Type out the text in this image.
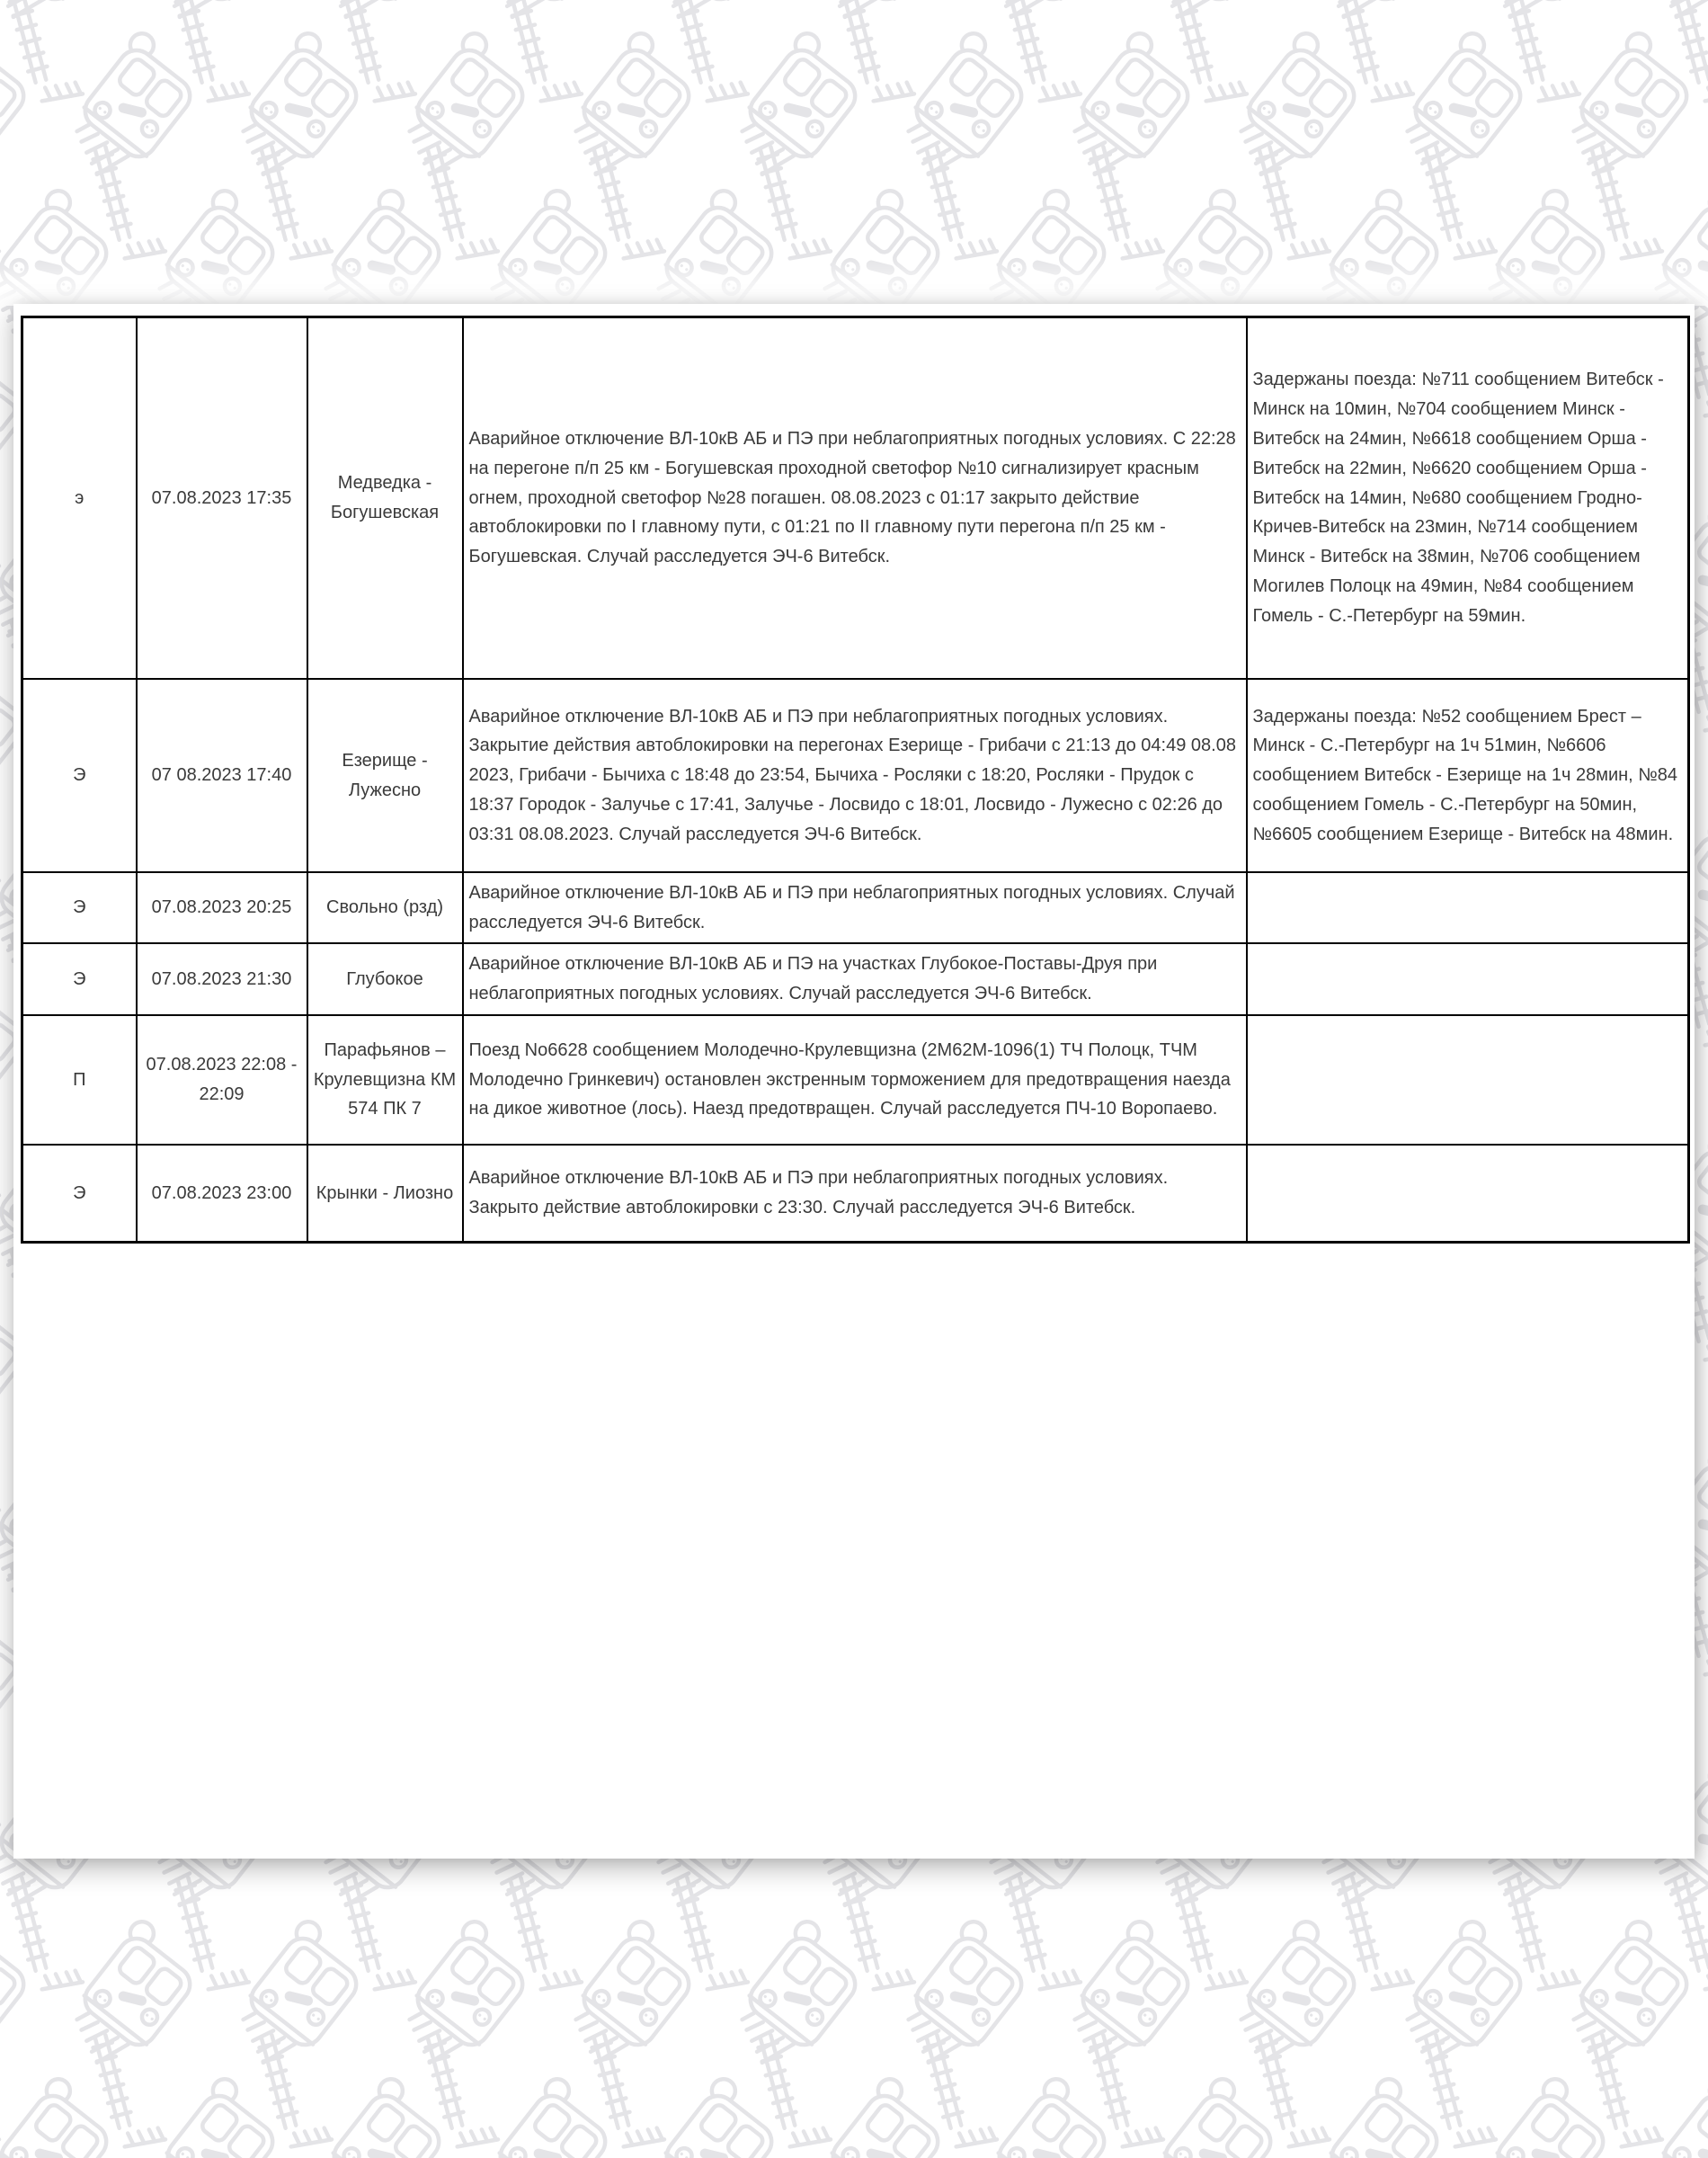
э	07.08.2023 17:35	Медведка - Богушевская	Аварийное отключение ВЛ-10кВ АБ и ПЭ при неблагоприятных погодных условиях. С 22:28 на перегоне п/п 25 км - Богушевская проходной светофор №10 сигнализирует красным огнем, проходной светофор №28 погашен. 08.08.2023 с 01:17 закрыто действие автоблокировки по I главному пути, с 01:21 по II главному пути перегона п/п 25 км - Богушевская. Случай расследуется ЭЧ-6 Витебск.	Задержаны поезда: №711 сообщением Витебск - Минск на 10мин, №704 сообщением Минск - Витебск на 24мин, №6618 сообщением Орша - Витебск на 22мин, №6620 сообщением Орша - Витебск на 14мин, №680 сообщением Гродно-Кричев-Витебск на 23мин, №714 сообщением Минск - Витебск на 38мин, №706 сообщением Могилев Полоцк на 49мин, №84 сообщением Гомель - С.-Петербург на 59мин.
Э	07 08.2023 17:40	Езерище - Лужесно	Аварийное отключение ВЛ-10кВ АБ и ПЭ при неблагоприятных погодных условиях. Закрытие действия автоблокировки на перегонах Езерище - Грибачи с 21:13 до 04:49 08.08 2023, Грибачи - Бычиха с 18:48 до 23:54, Бычиха - Росляки с 18:20, Росляки - Прудок с 18:37 Городок - Залучье с 17:41, Залучье - Лосвидо с 18:01, Лосвидо - Лужесно с 02:26 до 03:31 08.08.2023. Случай расследуется ЭЧ-6 Витебск.	Задержаны поезда: №52 сообщением Брест – Минск - С.-Петербург на 1ч 51мин, №6606 сообщением Витебск - Езерище на 1ч 28мин, №84 сообщением Гомель - С.-Петербург на 50мин, №6605 сообщением Езерище - Витебск на 48мин.
Э	07.08.2023 20:25	Свольно (рзд)	Аварийное отключение ВЛ-10кВ АБ и ПЭ при неблагоприятных погодных условиях. Случай расследуется ЭЧ-6 Витебск.	
Э	07.08.2023 21:30	Глубокое	Аварийное отключение ВЛ-10кВ АБ и ПЭ на участках Глубокое-Поставы-Друя при неблагоприятных погодных условиях. Случай расследуется ЭЧ-6 Витебск.	
П	07.08.2023 22:08 - 22:09	Парафьянов – Крулевщизна КМ 574 ПК 7	Поезд No6628 сообщением Молодечно-Крулевщизна (2М62М-1096(1) ТЧ Полоцк, ТЧМ Молодечно Гринкевич) остановлен экстренным торможением для предотвращения наезда на дикое животное (лось). Наезд предотвращен. Случай расследуется ПЧ-10 Воропаево.	
Э	07.08.2023 23:00	Крынки - Лиозно	Аварийное отключение ВЛ-10кВ АБ и ПЭ при неблагоприятных погодных условиях. Закрыто действие автоблокировки с 23:30. Случай расследуется ЭЧ-6 Витебск.	
